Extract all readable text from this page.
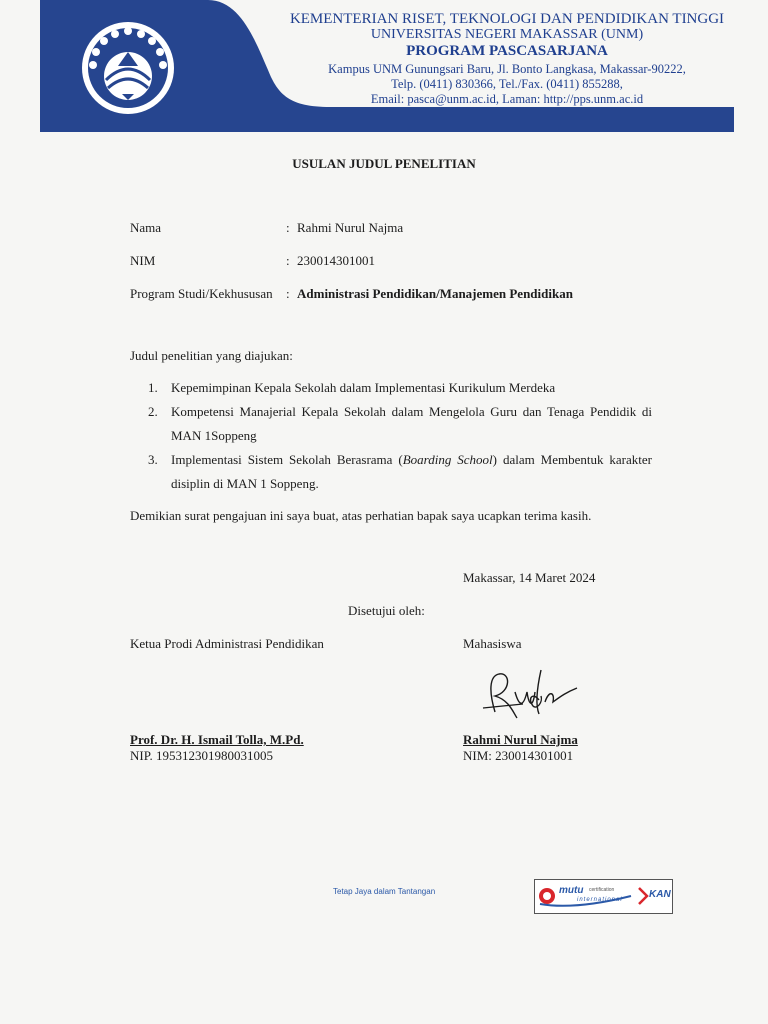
KEMENTERIAN RISET, TEKNOLOGI DAN PENDIDIKAN TINGGI
UNIVERSITAS NEGERI MAKASSAR (UNM)
PROGRAM PASCASARJANA
Kampus UNM Gunungsari Baru, Jl. Bonto Langkasa, Makassar-90222,
Telp. (0411) 830366, Tel./Fax. (0411) 855288,
Email: pasca@unm.ac.id, Laman: http://pps.unm.ac.id
USULAN JUDUL PENELITIAN
Nama	: Rahmi Nurul Najma
NIM	: 230014301001
Program Studi/Kekhususan : Administrasi Pendidikan/Manajemen Pendidikan
Judul penelitian yang diajukan:
1.	Kepemimpinan Kepala Sekolah dalam Implementasi Kurikulum Merdeka
2.	Kompetensi Manajerial Kepala Sekolah dalam Mengelola Guru dan Tenaga Pendidik di MAN 1Soppeng
3.	Implementasi Sistem Sekolah Berasrama (Boarding School) dalam Membentuk karakter disiplin di MAN 1 Soppeng.
Demikian surat pengajuan ini saya buat, atas perhatian bapak saya ucapkan terima kasih.
Makassar, 14 Maret 2024
Disetujui oleh:
Ketua Prodi Administrasi Pendidikan	Mahasiswa
Prof. Dr. H. Ismail Tolla, M.Pd.
NIP. 195312301980031005
Rahmi Nurul Najma
NIM: 230014301001
Tetap Jaya dalam Tantangan	mutu certification
international	KAN
